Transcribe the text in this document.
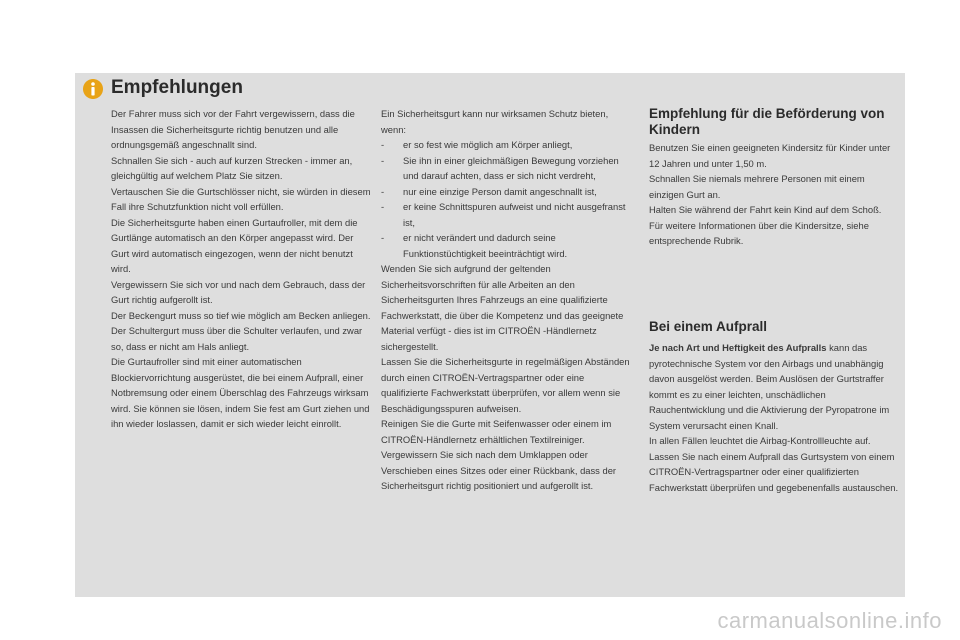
Empfehlungen

Der Fahrer muss sich vor der Fahrt vergewissern, dass die Insassen die Sicherheitsgurte richtig benutzen und alle ordnungsgemäß angeschnallt sind.

Schnallen Sie sich - auch auf kurzen Strecken - immer an, gleichgültig auf welchem Platz Sie sitzen.

Vertauschen Sie die Gurtschlösser nicht, sie würden in diesem Fall ihre Schutzfunktion nicht voll erfüllen.

Die Sicherheitsgurte haben einen Gurtaufroller, mit dem die Gurtlänge automatisch an den Körper angepasst wird. Der Gurt wird automatisch eingezogen, wenn der nicht benutzt wird.

Vergewissern Sie sich vor und nach dem Gebrauch, dass der Gurt richtig aufgerollt ist.

Der Beckengurt muss so tief wie möglich am Becken anliegen.

Der Schultergurt muss über die Schulter verlaufen, und zwar so, dass er nicht am Hals anliegt.

Die Gurtaufroller sind mit einer automatischen Blockiervorrichtung ausgerüstet, die bei einem Aufprall, einer Notbremsung oder einem Überschlag des Fahrzeugs wirksam wird. Sie können sie lösen, indem Sie fest am Gurt ziehen und ihn wieder loslassen, damit er sich wieder leicht einrollt.

Ein Sicherheitsgurt kann nur wirksamen Schutz bieten, wenn:

- er so fest wie möglich am Körper anliegt,
- Sie ihn in einer gleichmäßigen Bewegung vorziehen und darauf achten, dass er sich nicht verdreht,
- nur eine einzige Person damit angeschnallt ist,
- er keine Schnittspuren aufweist und nicht ausgefranst ist,
- er nicht verändert und dadurch seine Funktionstüchtigkeit beeinträchtigt wird.

Wenden Sie sich aufgrund der geltenden Sicherheitsvorschriften für alle Arbeiten an den Sicherheitsgurten Ihres Fahrzeugs an eine qualifizierte Fachwerkstatt, die über die Kompetenz und das geeignete Material verfügt - dies ist im CITROËN -Händlernetz sichergestellt.

Lassen Sie die Sicherheitsgurte in regelmäßigen Abständen durch einen CITROËN-Vertragspartner oder eine qualifizierte Fachwerkstatt überprüfen, vor allem wenn sie Beschädigungsspuren aufweisen.

Reinigen Sie die Gurte mit Seifenwasser oder einem im CITROËN-Händlernetz erhältlichen Textilreiniger.

Vergewissern Sie sich nach dem Umklappen oder Verschieben eines Sitzes oder einer Rückbank, dass der Sicherheitsgurt richtig positioniert und aufgerollt ist.

Empfehlung für die Beförderung von Kindern

Benutzen Sie einen geeigneten Kindersitz für Kinder unter 12 Jahren und unter 1,50 m.

Schnallen Sie niemals mehrere Personen mit einem einzigen Gurt an.

Halten Sie während der Fahrt kein Kind auf dem Schoß.

Für weitere Informationen über die Kindersitze, siehe entsprechende Rubrik.

Bei einem Aufprall

Je nach Art und Heftigkeit des Aufpralls kann das pyrotechnische System vor den Airbags und unabhängig davon ausgelöst werden. Beim Auslösen der Gurtstraffer kommt es zu einer leichten, unschädlichen Rauchentwicklung und die Aktivierung der Pyropatrone im System verursacht einen Knall.

In allen Fällen leuchtet die Airbag-Kontrollleuchte auf.

Lassen Sie nach einem Aufprall das Gurtsystem von einem CITROËN-Vertragspartner oder einer qualifizierten Fachwerkstatt überprüfen und gegebenenfalls austauschen.

carmanualsonline.info
